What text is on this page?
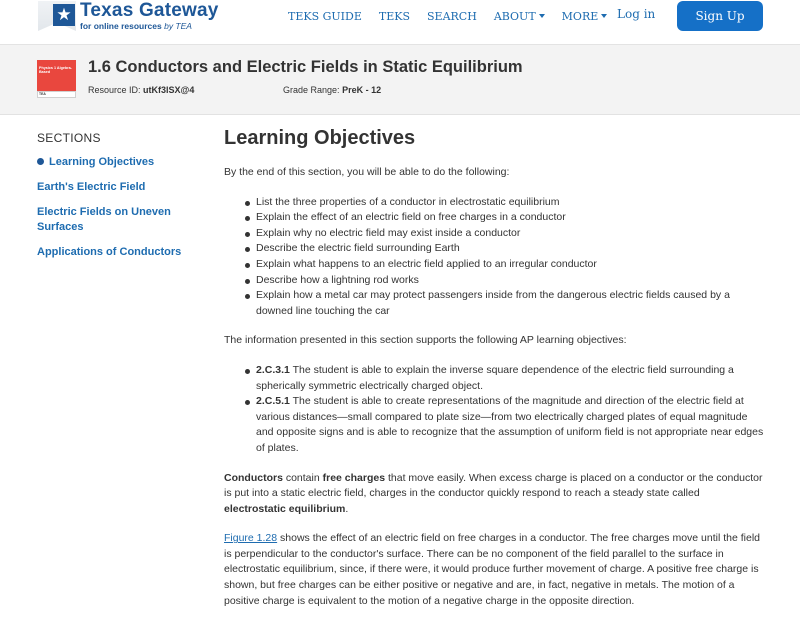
★ Texas Gateway
for online resources by TEA
TEKS GUIDE TEKS SEARCH ABOUT MORE Log in	Sign Up
Physics 1 Algebra-Based
TEA
1.6 Conductors and Electric Fields in Static Equilibrium
Resource ID: utKf3lSX@4	Grade Range: PreK - 12
SECTIONS
Learning Objectives
Earth's Electric Field
Electric Fields on Uneven Surfaces
Applications of Conductors
Learning Objectives

By the end of this section, you will be able to do the following:

List the three properties of a conductor in electrostatic equilibrium
Explain the effect of an electric field on free charges in a conductor
Explain why no electric field may exist inside a conductor
Describe the electric field surrounding Earth
Explain what happens to an electric field applied to an irregular conductor
Describe how a lightning rod works
Explain how a metal car may protect passengers inside from the dangerous electric fields caused by a downed line touching the car

The information presented in this section supports the following AP learning objectives:

2.C.3.1 The student is able to explain the inverse square dependence of the electric field surrounding a spherically symmetric electrically charged object.
2.C.5.1 The student is able to create representations of the magnitude and direction of the electric field at various distances—small compared to plate size—from two electrically charged plates of equal magnitude and opposite signs and is able to recognize that the assumption of uniform field is not appropriate near edges of plates.

Conductors contain free charges that move easily. When excess charge is placed on a conductor or the conductor is put into a static electric field, charges in the conductor quickly respond to reach a steady state called electrostatic equilibrium.

Figure 1.28 shows the effect of an electric field on free charges in a conductor. The free charges move until the field is perpendicular to the conductor's surface. There can be no component of the field parallel to the surface in electrostatic equilibrium, since, if there were, it would produce further movement of charge. A positive free charge is shown, but free charges can be either positive or negative and are, in fact, negative in metals. The motion of a positive charge is equivalent to the motion of a negative charge in the opposite direction.
